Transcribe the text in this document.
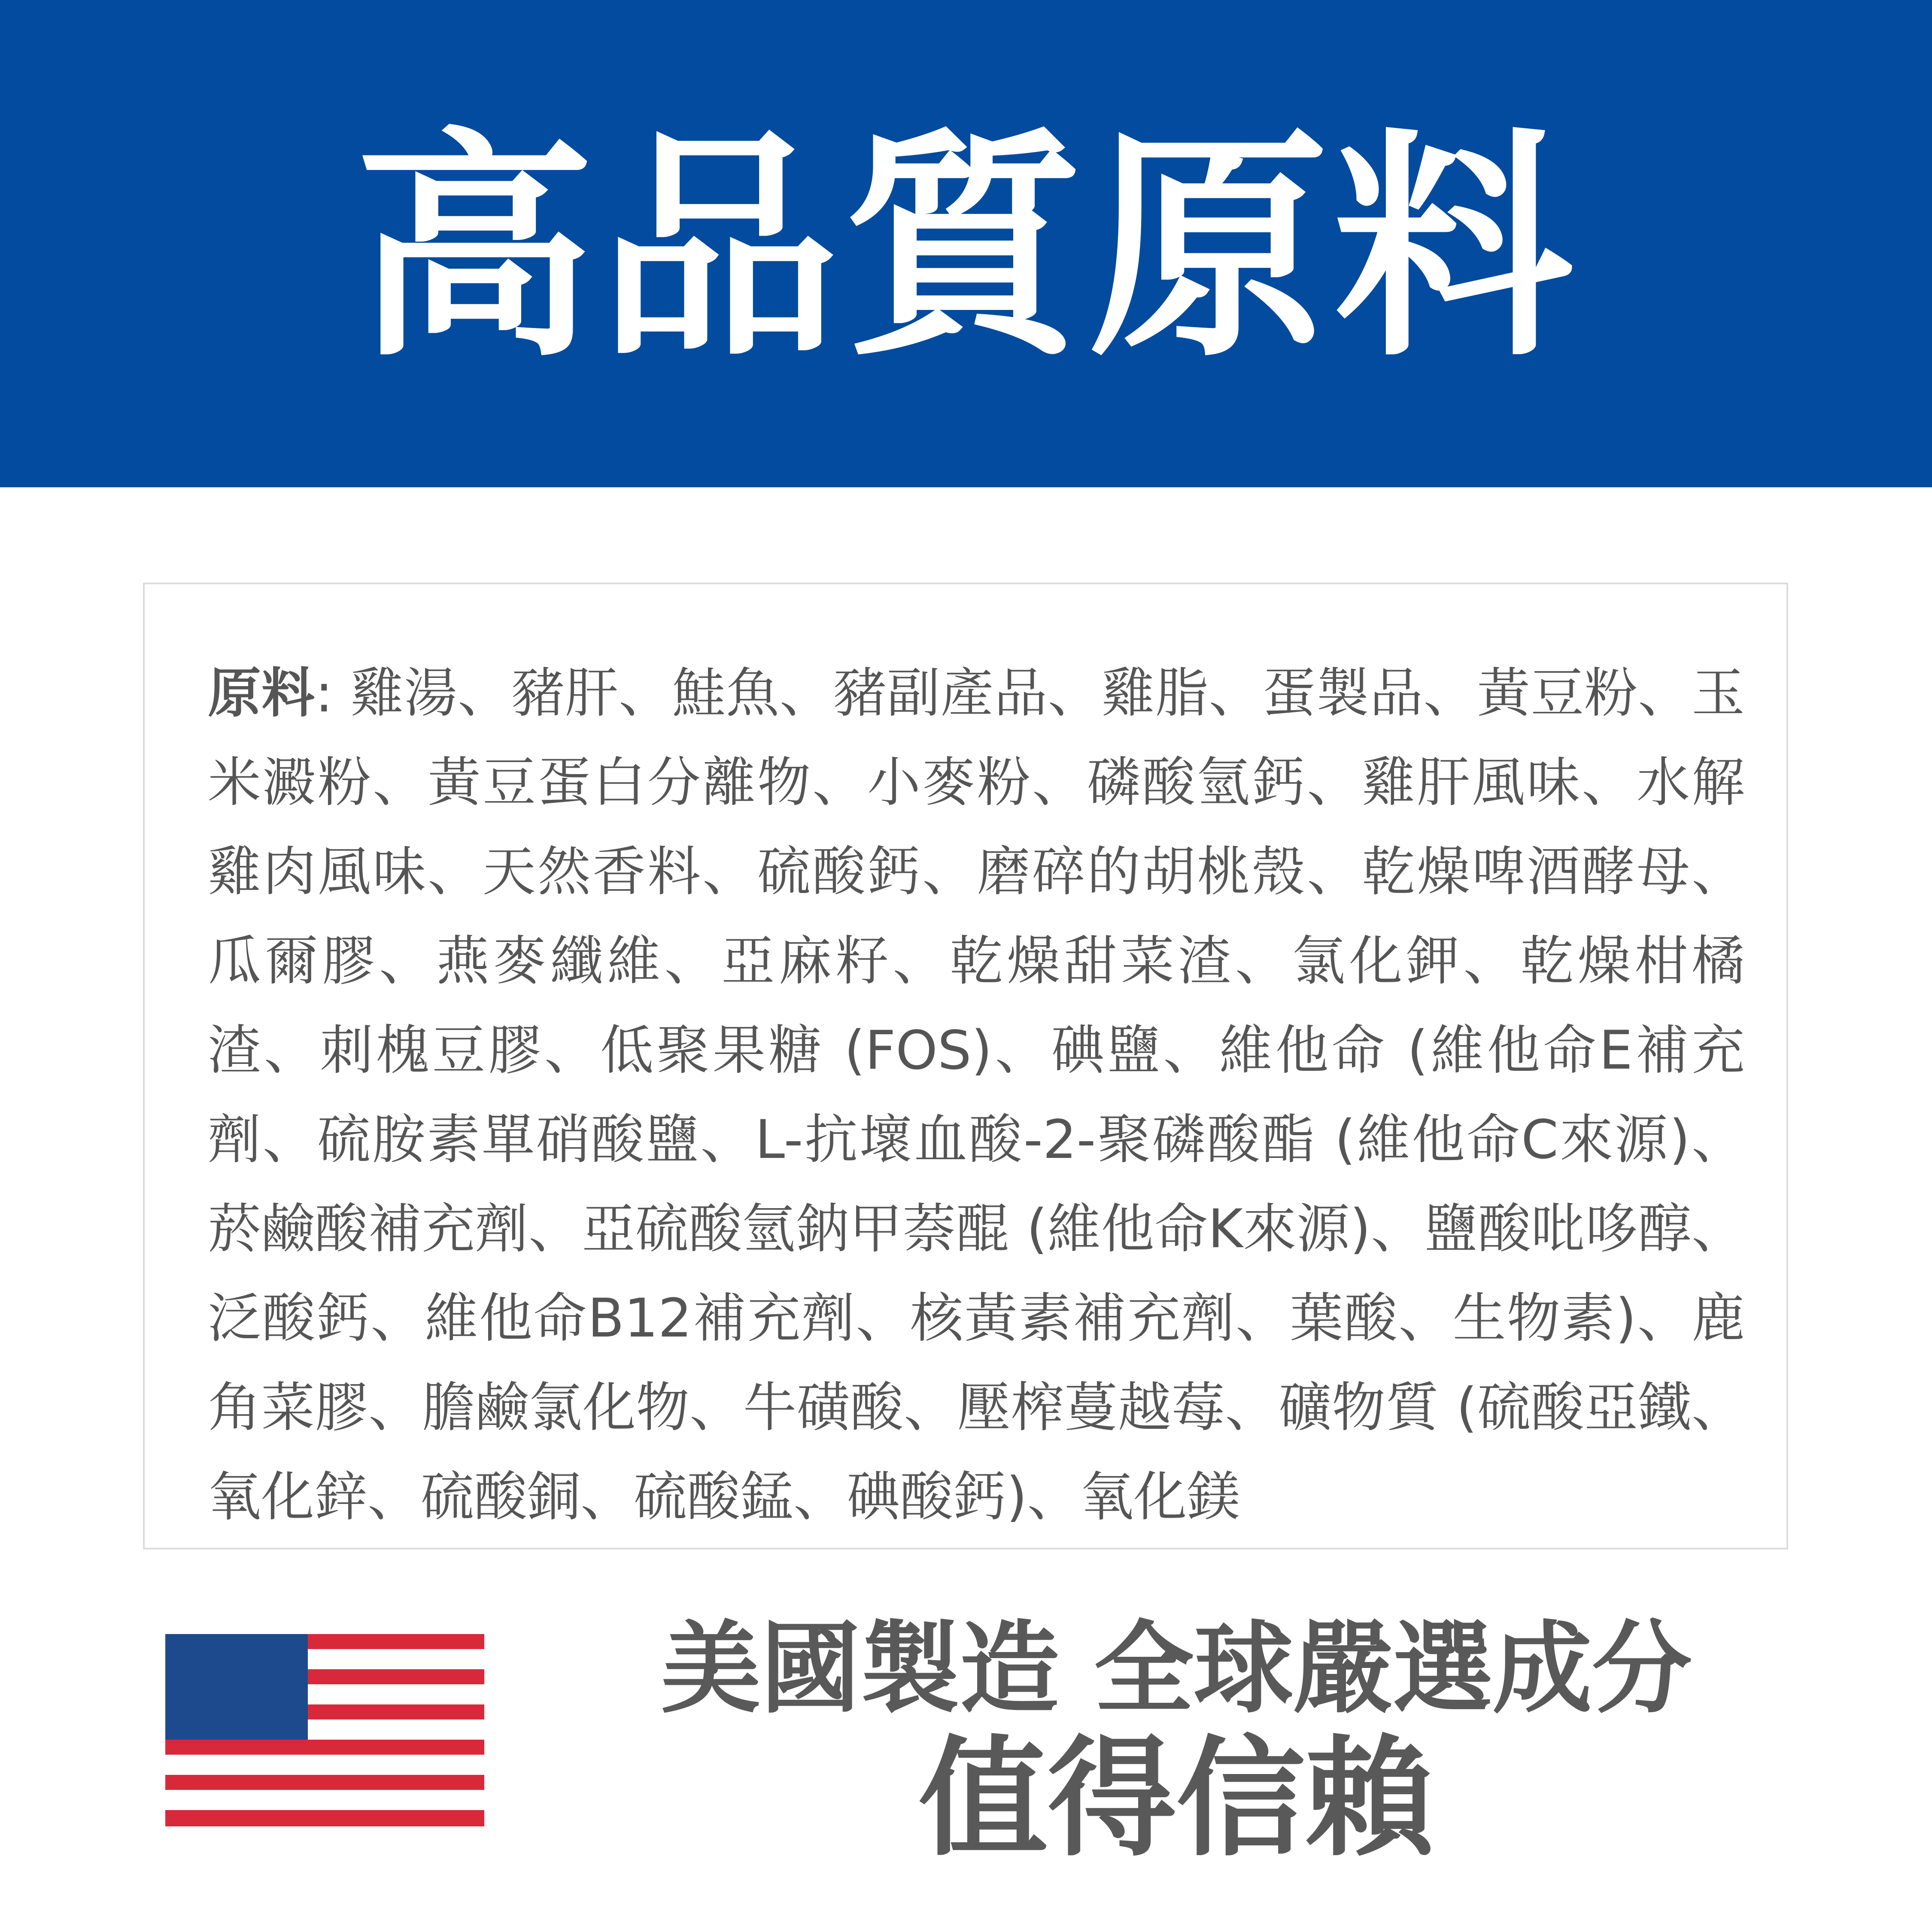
高品質原料
原料: 雞湯、豬肝、鮭魚、豬副產品、雞脂、蛋製品、黃豆粉、玉米澱粉、黃豆蛋白分離物、小麥粉、磷酸氫鈣、雞肝風味、水解雞肉風味、天然香料、硫酸鈣、磨碎的胡桃殼、乾燥啤酒酵母、瓜爾膠、燕麥纖維、亞麻籽、乾燥甜菜渣、氯化鉀、乾燥柑橘渣、刺槐豆膠、低聚果糖 (FOS)、碘鹽、維他命 (維他命E補充劑、硫胺素單硝酸鹽、L-抗壞血酸-2-聚磷酸酯 (維他命C來源)、菸鹼酸補充劑、亞硫酸氫鈉甲萘醌 (維他命K來源)、鹽酸吡哆醇、泛酸鈣、維他命B12補充劑、核黃素補充劑、葉酸、生物素)、鹿角菜膠、膽鹼氯化物、牛磺酸、壓榨蔓越莓、礦物質 (硫酸亞鐵、氧化鋅、硫酸銅、硫酸錳、碘酸鈣)、氧化鎂
美國製造 全球嚴選成分
值得信賴
